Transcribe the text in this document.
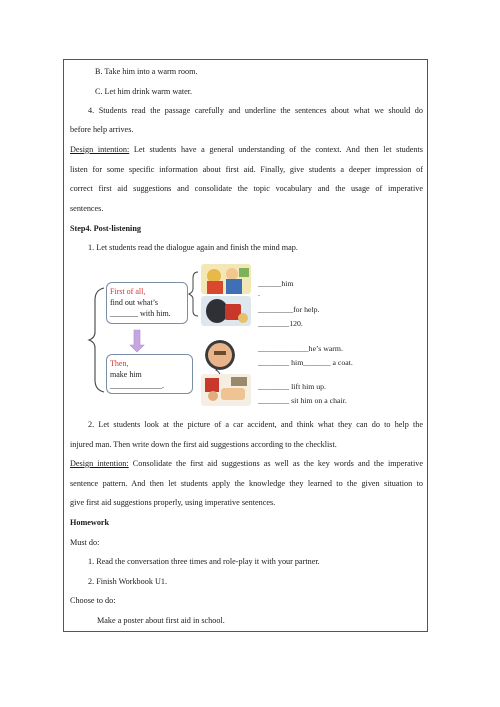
B. Take him into a warm room.
C. Let him drink warm water.
4. Students read the passage carefully and underline the sentences about what we should do
before help arrives.
Design intention: Let students have a general understanding of the context. And then let students
listen for some specific information about first aid. Finally, give students a deeper impression of
correct first aid suggestions and consolidate the topic vocabulary and the usage of imperative
sentences.
Step4. Post-listening
1. Let students read the dialogue again and finish the mind map.
First of all,
find out what’s
_______ with him.
Then,
make him
_____________.
______him
.
_________for help.
________120.
_____________he’s warm.
________ him_______ a coat.
________ lift him up.
________ sit him on a chair.
2. Let students look at the picture of a car accident, and think what they can do to help the
injured man. Then write down the first aid suggestions according to the checklist.
Design intention: Consolidate the first aid suggestions as well as the key words and the imperative
sentence pattern. And then let students apply the knowledge they learned to the given situation to
give first aid suggestions properly, using imperative sentences.
Homework
Must do:
1. Read the conversation three times and role-play it with your partner.
2. Finish Workbook U1.
Choose to do:
Make a poster about first aid in school.
